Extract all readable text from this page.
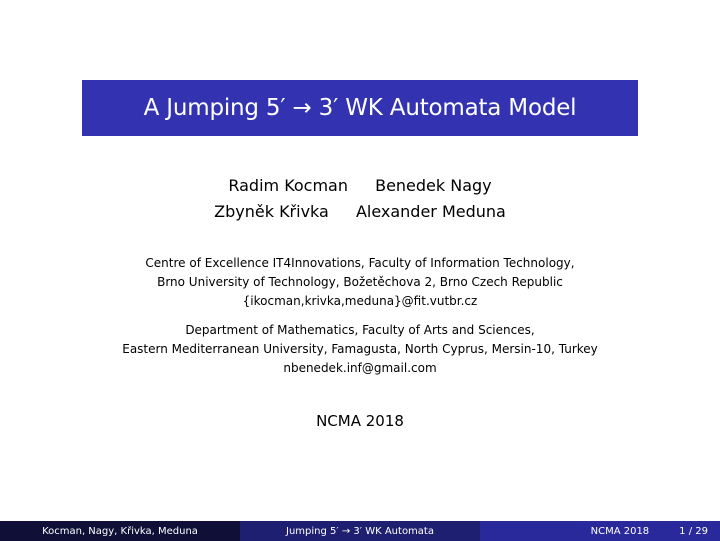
A Jumping 5′ → 3′ WK Automata Model
Radim Kocman Benedek Nagy
Zbyněk Křivka Alexander Meduna
Centre of Excellence IT4Innovations, Faculty of Information Technology,
Brno University of Technology, Božetěchova 2, Brno Czech Republic
{ikocman,krivka,meduna}@fit.vutbr.cz
Department of Mathematics, Faculty of Arts and Sciences,
Eastern Mediterranean University, Famagusta, North Cyprus, Mersin-10, Turkey
nbenedek.inf@gmail.com
NCMA 2018
Kocman, Nagy, Křivka, Meduna	Jumping 5′ → 3′ WK Automata	NCMA 2018	1 / 29
